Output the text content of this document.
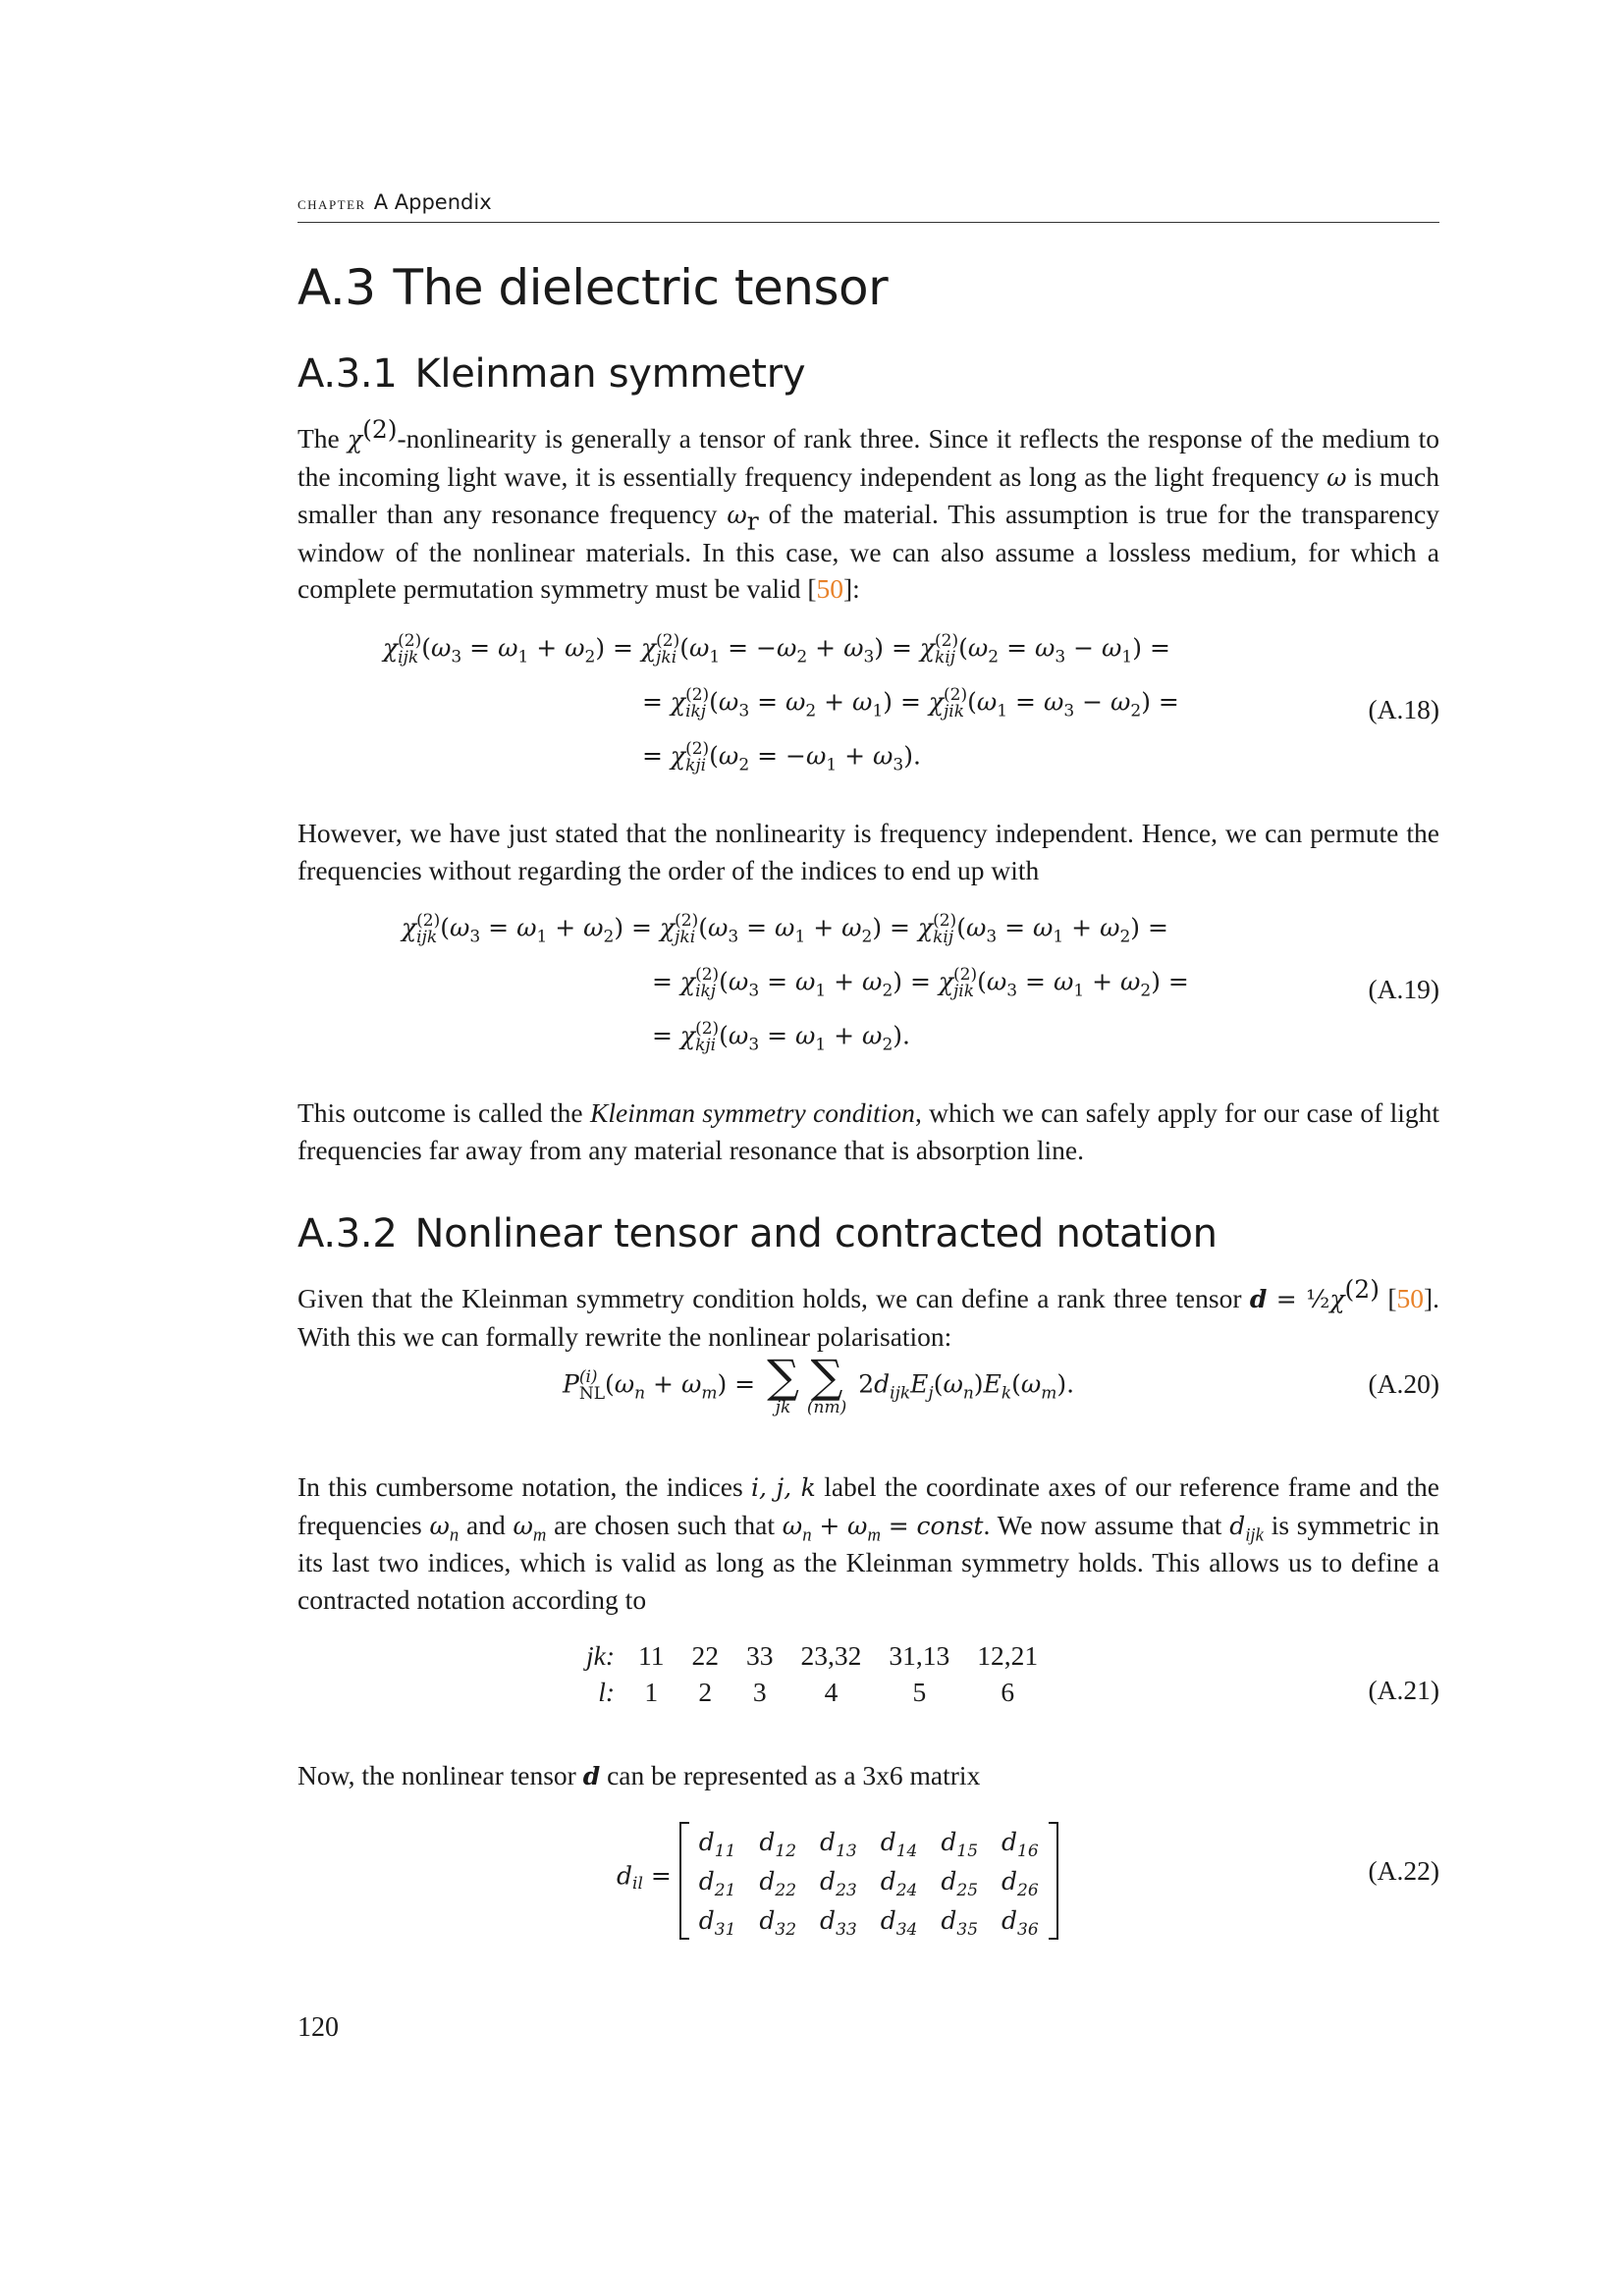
chapter A Appendix
A.3 The dielectric tensor
A.3.1 Kleinman symmetry

The $\chi^{(2)}$-nonlinearity is generally a tensor of rank three. Since it reflects the response of the medium to the incoming light wave, it is essentially frequency independent as long as the light frequency ω is much smaller than any resonance frequency $\omega_r$ of the material. This assumption is true for the transparency window of the nonlinear materials. In this case, we can also assume a lossless medium, for which a complete permutation symmetry must be valid [50]:

χ (2)
ijk $(\omega_3 = \omega_1 + \omega_2) = \chi$ (2)
jki $(\omega_1 = -\omega_2 + \omega_3) = \chi$ (2)
kij $(\omega_2 = \omega_3 - \omega_1)$ =
= χ (2)
ikj $(\omega_3 = \omega_2 + \omega_1) = \chi$ (2)
jik $(\omega_1 = \omega_3 - \omega_2)$ =
= χ (2)
kji $(\omega_2 = -\omega_1 + \omega_3)$.
(A.18)

However, we have just stated that the nonlinearity is frequency independent. Hence, we can permute the frequencies without regarding the order of the indices to end up with

χ (2)
ijk $(\omega_3 = \omega_1 + \omega_2) = \chi$ (2)
jki $(\omega_3 = \omega_1 + \omega_2) = \chi$ (2)
kij $(\omega_3 = \omega_1 + \omega_2)$ =
= χ (2)
ikj $(\omega_3 = \omega_1 + \omega_2) = \chi$ (2)
jik $(\omega_3 = \omega_1 + \omega_2)$ =
= χ (2)
kji $(\omega_3 = \omega_1 + \omega_2)$.
(A.19)

This outcome is called the Kleinman symmetry condition, which we can safely apply for our case of light frequencies far away from any material resonance that is absorption line.

A.3.2 Nonlinear tensor and contracted notation

Given that the Kleinman symmetry condition holds, we can define a rank three tensor $d = \frac{1}{2}\chi^{(2)}$ [50]. With this we can formally rewrite the nonlinear polarisation:

P (i)
NL $(\omega_n + \omega_m)$ = ∑
jk
∑
(nm)
$2d_{ijk}E_j(\omega_n)E_k(\omega_m)$.	(A.20)

In this cumbersome notation, the indices i, j, k label the coordinate axes of our reference frame and the frequencies $\omega_n$ and $\omega_m$ are chosen such that $\omega_n + \omega_m$ = const. We now assume that $d_{ijk}$ is symmetric in its last two indices, which is valid as long as the Kleinman symmetry holds. This allows us to define a contracted notation according to

jk:	11	22	33	23,32	31,13	12,21
l:	1	2	3	4	5	6	(A.21)

Now, the nonlinear tensor d can be represented as a 3x6 matrix

$d_{il}$ =
$d_{11}$	$d_{12}$	$d_{13}$	$d_{14}$	$d_{15}$	$d_{16}$
$d_{21}$	$d_{22}$	$d_{23}$	$d_{24}$	$d_{25}$	$d_{26}$
$d_{31}$	$d_{32}$	$d_{33}$	$d_{34}$	$d_{35}$	$d_{36}$
(A.22)
120
